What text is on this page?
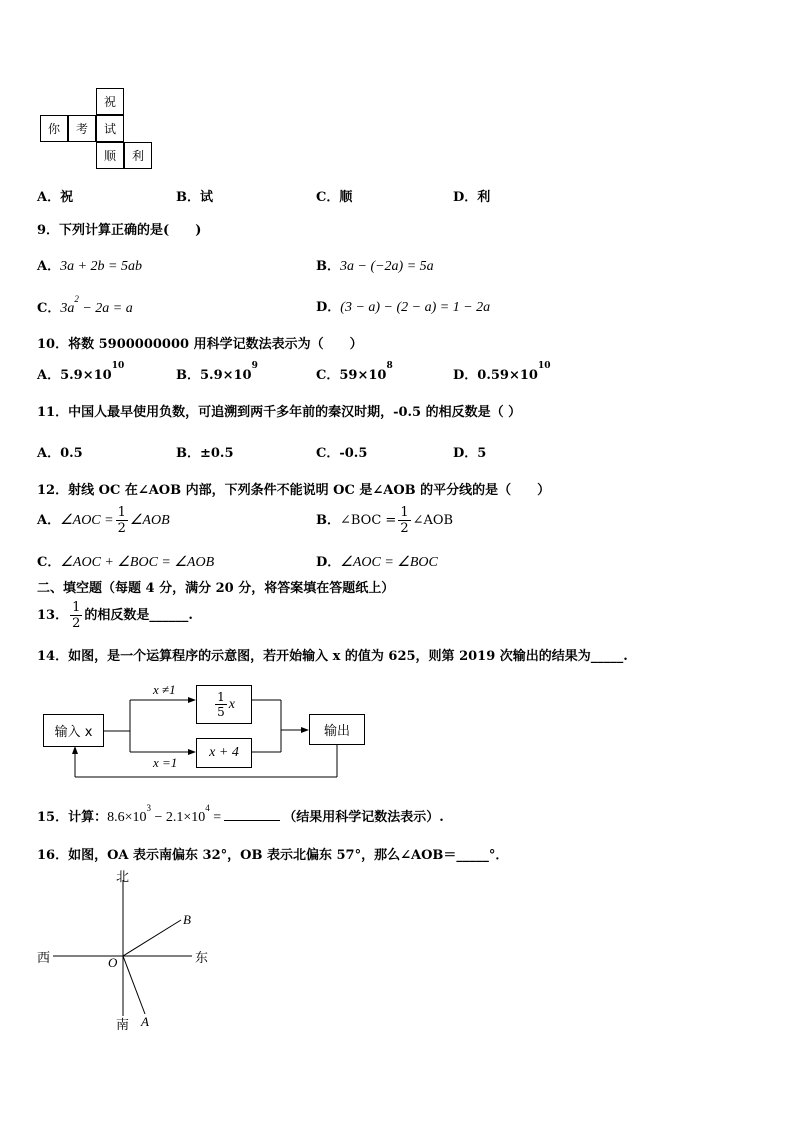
祝
你	考	试
顺	利
A．祝	B．试	C．顺	D．利
9．下列计算正确的是(　　)
A．3a + 2b = 5ab	B．3a − (−2a) = 5a
C．$3a^2 - 2a = a$	D．(3 − a) − (2 − a) = 1 − 2a
10．将数 5900000000 用科学记数法表示为（　　）
A．$5.9\times 10^{10}$
B．$5.9\times 10^9$
C．$59\times 10^8$
D．$0.59\times 10^{10}$
11．中国人最早使用负数，可追溯到两千多年前的秦汉时期，-0.5 的相反数是（ ）
A．0.5	B．±0.5	C．-0.5	D．5
12．射线 OC 在∠AOB 内部，下列条件不能说明 OC 是∠AOB 的平分线的是（　　）
A．∠AOC = $\frac{1}{2}$ ∠AOB	B．∠BOC = $\frac{1}{2}$ ∠AOB
C．∠AOC + ∠BOC = ∠AOB	D．∠AOC = ∠BOC
二、填空题（每题 4 分，满分 20 分，将答案填在答题纸上）
13． $\frac{1}{2}$ 的相反数是______.
14．如图，是一个运算程序的示意图，若开始输入 x 的值为 625，则第 2019 次输出的结果为_____.
输入 x
$\frac{1}{5}$ x
x + 4
输出
x ≠1
x =1
15．计算：$8.6\times 10^3 - 2.1\times 10^4$ =	（结果用科学记数法表示）.
16．如图，OA 表示南偏东 32°，OB 表示北偏东 57°，那么∠AOB＝_____°．
北
南
东
西	O
B
A
